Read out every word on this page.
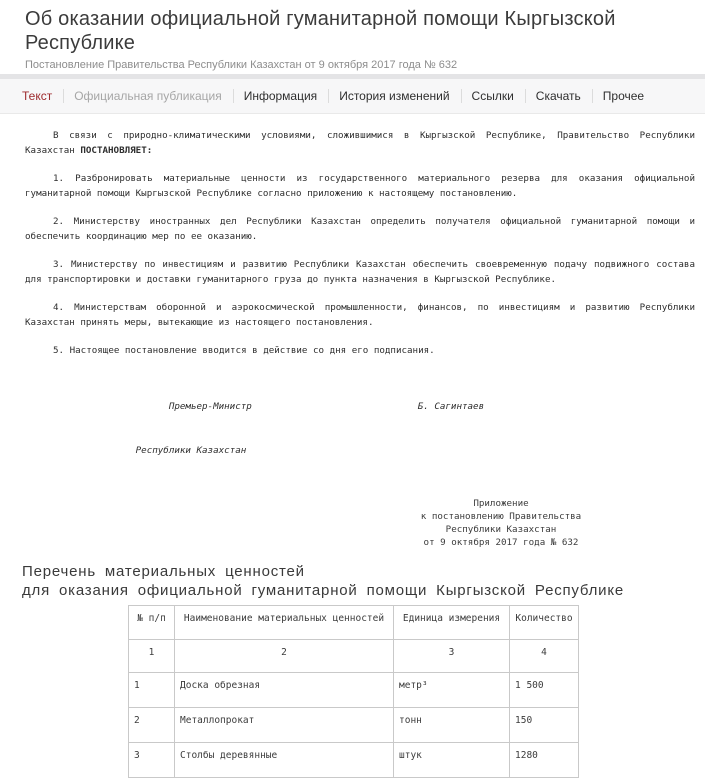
Об оказании официальной гуманитарной помощи Кыргызской Республике
Постановление Правительства Республики Казахстан от 9 октября 2017 года № 632
Текст	Официальная публикация	Информация	История изменений	Ссылки	Скачать	Прочее

В связи с природно-климатическими условиями, сложившимися в Кыргызской Республике, Правительство Республики Казахстан ПОСТАНОВЛЯЕТ:

1. Разбронировать материальные ценности из государственного материального резерва для оказания официальной гуманитарной помощи Кыргызской Республике согласно приложению к настоящему постановлению.

2. Министерству иностранных дел Республики Казахстан определить получателя официальной гуманитарной помощи и обеспечить координацию мер по ее оказанию.

3. Министерству по инвестициям и развитию Республики Казахстан обеспечить своевременную подачу подвижного состава для транспортировки и доставки гуманитарного груза до пункта назначения в Кыргызской Республике.

4. Министерствам оборонной и аэрокосмической промышленности, финансов, по инвестициям и развитию Республики Казахстан принять меры, вытекающие из настоящего постановления.

5. Настоящее постановление вводится в действие со дня его подписания.

Премьер-Министр                              Б. Сагинтаев

Республики Казахстан

Приложение
к постановлению Правительства
Республики Казахстан
от 9 октября 2017 года № 632
Перечень материальных ценностей
для оказания официальной гуманитарной помощи Кыргызской Республике
№ п/п	Наименование материальных ценностей	Единица измерения	Количество
1	2	3	4
1	Доска обрезная	метр³	1 500
2	Металлопрокат	тонн	150
3	Столбы деревянные	штук	1280
